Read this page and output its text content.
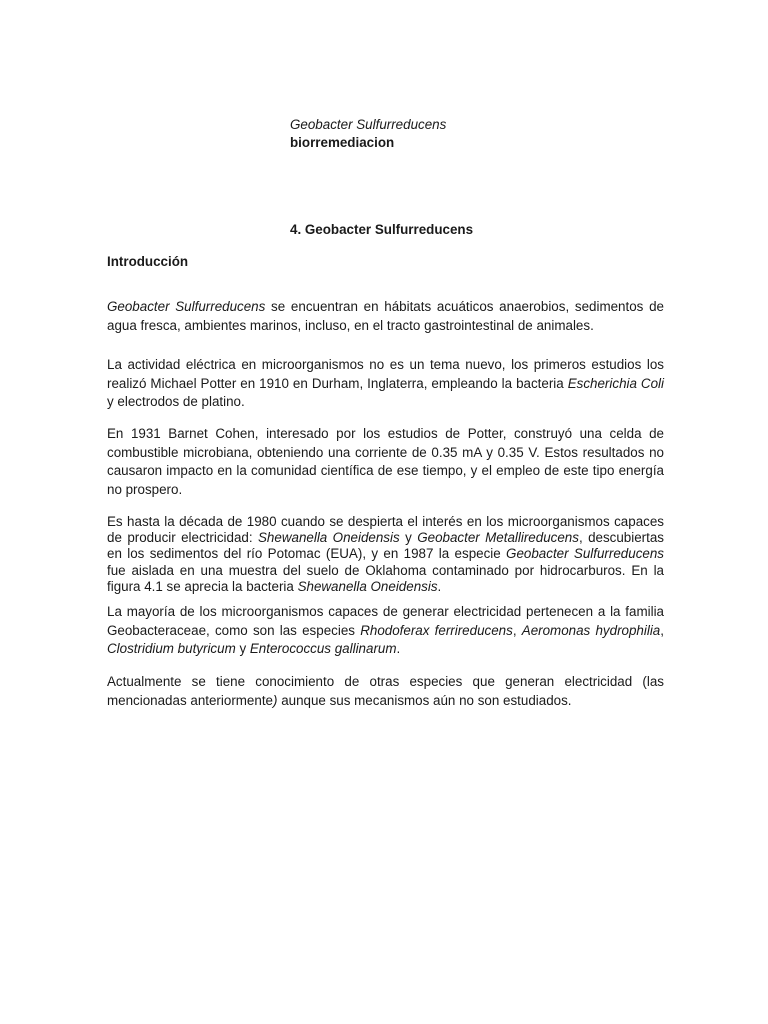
Geobacter Sulfurreducens
biorremediacion
4. Geobacter Sulfurreducens
Introducción

Geobacter Sulfurreducens se encuentran en hábitats acuáticos anaerobios, sedimentos de agua fresca, ambientes marinos, incluso, en el tracto gastrointestinal de animales.

La actividad eléctrica en microorganismos no es un tema nuevo, los primeros estudios los realizó Michael Potter en 1910 en Durham, Inglaterra, empleando la bacteria Escherichia Coli y electrodos de platino.

En 1931 Barnet Cohen, interesado por los estudios de Potter, construyó una celda de combustible microbiana, obteniendo una corriente de 0.35 mA y 0.35 V. Estos resultados no causaron impacto en la comunidad científica de ese tiempo, y el empleo de este tipo energía no prospero.

Es hasta la década de 1980 cuando se despierta el interés en los microorganismos capaces de producir electricidad: Shewanella Oneidensis y Geobacter Metallireducens, descubiertas en los sedimentos del río Potomac (EUA), y en 1987 la especie Geobacter Sulfurreducens fue aislada en una muestra del suelo de Oklahoma contaminado por hidrocarburos. En la figura 4.1 se aprecia la bacteria Shewanella Oneidensis.

La mayoría de los microorganismos capaces de generar electricidad pertenecen a la familia Geobacteraceae, como son las especies Rhodoferax ferrireducens, Aeromonas hydrophilia, Clostridium butyricum y Enterococcus gallinarum.

Actualmente se tiene conocimiento de otras especies que generan electricidad (las mencionadas anteriormente) aunque sus mecanismos aún no son estudiados.
